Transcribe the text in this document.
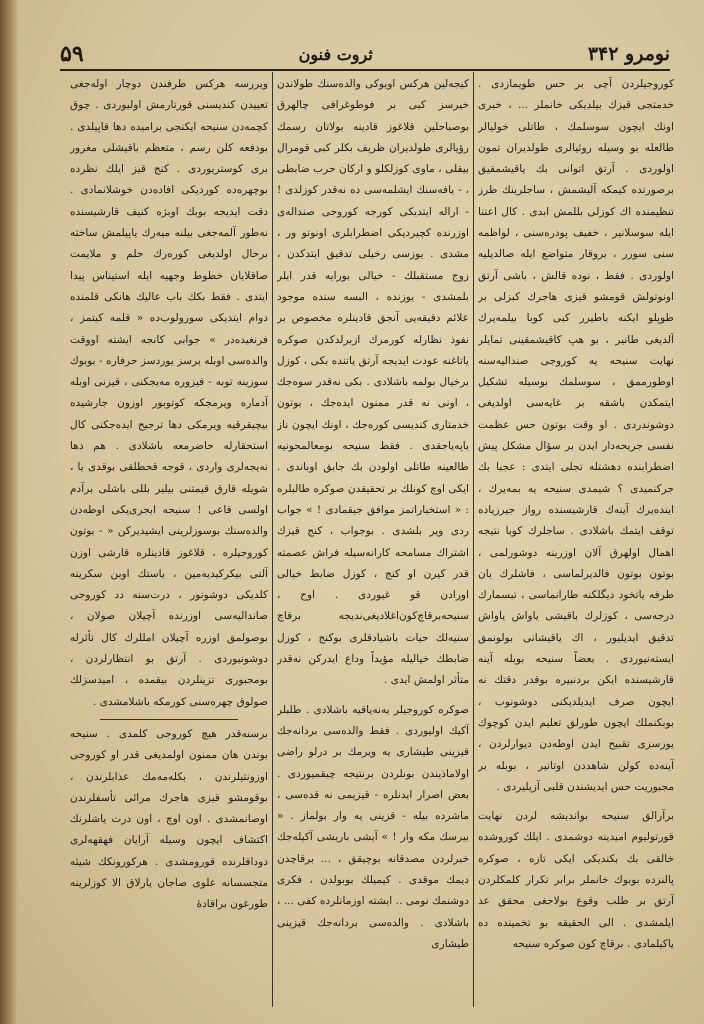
نومرو ۳۴۲
ثروت فنون
۵۹

کوروجیلردن آچی بر حس طویمازدی . خدمتجی قیزك بیلدیکی خانملر ... ، خبری اونك ایچون سوسلمك ، طاتلی خولیالر طالعله بو وسیله روئیالری طولدیران تمون اولوردی . آرتق اتوانی بك یاقیشمقیق برصورتده کیمکه آلیشمش ، ساجلرینك طرز تنظیمنده اك کوزلی بللمش ابدی . کال اعتنا ایله سوسلانیر ، خفیف پودره‌سنی ، لواظمه سنی سورر ، بروقار متواضع ایله صالدیلیه اولوردی . فقط ، نوده قالش ، باشی آرتق اونوتولش قومشو قیزی هاجرك کبزلی بر طوپلو ایکنه باطیرر کبی کوبا بیلمه‌یرك آلدیغی طانیر ، بو هپ کاقیشمقینی تمایلر نهایت سنیحه یه کوروجی صندالیه‌سنه اوطورممق ، سوسلمك بوسیله تشکیل ایتمکدن باشقه بر غایه‌سی اولدیغی دوشو‌ندردی . او وقت بوتون حس عظمت نفسی جریحه‌دار ایدن بر سؤال مشکل پیش اضطرابنده دهشتله تجلی ایتدی : عجبا بك جرکنمیدی ؟ شیمدی سنیحه یه بمه‌یرك ، اینده‌یرك آینه‌ك قارشیسنده رواز جیرزیاده توقف ایتمك باشلادی . ساجلرك کوبا نتیجه اهمال اولهرق آلان اوزرینه دوشورلمی ، بوتون بوتون فالدیرلماسی ، فاشلرك یان طرفه یاتخود دیگلکنه طارانماسی ، تبسمارك درجه‌سی ، کوزلرك باقیشی یاواش یاواش تدقیق ایدیلیور ، اك یاقیشانی بولونمق ایسته‌نیوردی . بعضاً سنیحه بوبله آینه قارشیسنده ایکن بردنبیره بوقدر دقتك نه ایچون صرف ایدیلدیکنی دوشونوب ، بوبکنملك ایچون طورلق تعلیم ایدن کوچوك یوزسزی تقبیح ایدن اوطه‌دن دیوارلردن ، آینه‌ده کولن شاهددن اوتانیر ، بوبله بر مجبوریت حس ایدیشندن قلبی آزیلیردی .

برآرالق سنیحه بوانديشه لردن نهایت قورتولیوم امیدینه دوشمدی . ایلك کوروشده خالقی بك بكندیکی ایکی تازه ، صوکره پالنزده بوبوك خانملر برابر تکرار کلمکلردن آرتق بر طلب وقوع بولاجغی محقق عد ایلمشدی . الی الحقیقه بو تخمینده ده یاکیلمادی . برقاچ کون صوکره سنیحه

کیجه‌لین هرکس اویوکی والده‌سنك طولاندن خیرسز کبی بر فوطوغرافی چالهرق بوصباحلین قلاغوز قادینه بولاتان رسمك رؤیالری طولدیران ظریف بکلر کبی قومرال بیقلی ، ماوی کوزلکلو و ارکان حرب ضابطی ، - یافه‌سنك ایشلمه‌سی ده نه‌قدر کوزلدی ! - اراله ایتدیکی کورجه کوروجی صنداله‌ی اوزرنده کچیردیکی اضطرابلری اونوتو ور ، مشدی . یوزسی رخیلی تدقیق ایتدکدن ، زوج مستقبلك - خیالی بورایه قدر ایلر بلمشدی - یوزنده ، البسه سنده موجود علائم دقیقه‌یی آنجق قادینلره مخصوص بر نفوذ نظارله کورمرك ازبرلدکدن صوکره یاتاغنه عودت ایدیجه آرتق یاتنده بکی ، کوزل برخیال بولمه باشلادی . بکی نه‌قدر سوه‌جك ، اونی نه قدر ممنون ایده‌جك ، بوتون خدمتاری کندیسی کوره‌جك ، اونك ایچون ناز یاپه‌یاجقدی . فقط سنیحه بومعالمحونیه طالعینه طاتلی اولودن بك جابق اوباندی . ایکی اوچ کونلك بر تحقیقدن صوکره طالبلره : « استخباراتمز موافق جیقمادی ! » جواب ردی ویر بلشدی . بوجواب ، کنج قیزك اشتراك مسامحه کارانه‌سیله فراش عصمته قدر کیرن او کنج ، کوزل ضابط خیالی اورادن قو غیوردی . اوح ، سنیحه‌برقاچ‌کون‌اغلادیغی‌ندیجه برقاچ سنیه‌لك حیات باشیادقلری بوکنج ، کوزل ضابطك خیالیله مؤیداً وداع ایدرکن نه‌قدر متأثر اولمش ایدی .

صوکره کوروجیلر یه‌نه‌یاقیه باشلادی . طلبلر آکیك اولیوردی . فقط والده‌سی بردانه‌جك قیزینی طیشاری یه ویرمك بر درلو راضی اولاماذیندن بونلردن برنتیجه چیقمیوردی . بعض اصرار ایدنلره - قیزیمی نه قده‌سی ، ماشرده بیله - قزینی یه وار بولماز . « بیرسك مکه وار ! » آیشی باریشی آکیله‌جك خبرلردن مصدقانه بوچیقق ، ... برقاچدن دیمك موقدی . کیمیلك بوبولدن ، فکری دوشنمك نومی .. ایشته اوزمانلرده کفی ... ، باشلادی . والده‌سی بردانه‌جك قیزینی طیشاری

ویررسه هرکس طرفندن دوچار اوله‌جغی تعییدن کندیسنی قورتارمش اولیوردی . چوق کچمه‌دن سنیحه ایکنجی برامیده دها قاپیلدی . بودفعه کلن رسم ، متعظم باقیشلی مغرور بری کوستریوردی . کنج قیز ایلك نظرده بوچهره‌ده کوردیکی افاده‌دن خوشلانمادی . دقت ایدیجه بوبك اوبژه کنیف قارشیسنده نه‌طور آلمه‌جغی بیلنه‌ میه‌رك یاپیلمش ساخته برحال اولدیغی کوره‌رك حلم و ملایمت صاقلایان خطوط وجهیه ایله استیناس پیدا ایتدی . فقط بکك باب عالیك هانکی قلمنده دوام ایتدیکی سورولوب‌ده « قلمه کیتمز ، فرنغیده‌در » جوابی کانجه ایشته اووقت والده‌سی اوبله برسز یوردسز حرفاره - بوبوك سوزینه توبه - فیزوره مه‌یجکنی ، قیزنی اوبله آدماره ویرمجکه کوتوبور اوزون جارشیده بیچیقرقیه ویرمکی دها ترجیح ایده‌جکنی کال استحقارله حاضرمعه باشلادی . هم دها نه‌یجه‌لری واردی ، قوجه قحطلقی بوقدی یا ، شویله قارق قیمتنی بیلیر بللی باشلی برآدم اولسی قاعی ! سنیحه ابجری‌یکی اوطه‌دن والده‌سنك بوسوزلرینی ایشیدیرکن « - بوتون کوروجیلره ، قلاغوز قادینلره قارشی اوزن آلتی بیکرکیدیه‌مین ، یاستك اوبن سکرینه کلدیکی دوشونور ، درت‌سنه‌ دد کوروجی صاندالیه‌سی اوزرنده آچیلان صولان ، بوصولمق اوزره آچیلان امللرك کال تأثرله دوشونیوردی . آرتق بو انتظارلردن ، بومجبوری تزینلردن بیقمده ، امیدسزلك صولوق چهره‌سنی کورمكه باشلامشدی .

برسنه‌قدر هیچ کوروجی کلمدی . سنیحه بوندن هان ممنون اولمدیغی قدر او کوروجی اوزونتیلرندن ، بکله‌مه‌مك عذابلرندن ، بوقومشو قیزی هاجرك مرائی تأسفلرندن اوصانمشدی . اون اوچ ، اون درت یاشلرنك اکتشاف ایچون وسیله آرایان فهقهه‌لری دوداقلرنده قورومشدی . هرکورونکك شیئه متجسسانه علوی صاجان یارلاق الا کوزلرینه طورغون براقادهٔ
